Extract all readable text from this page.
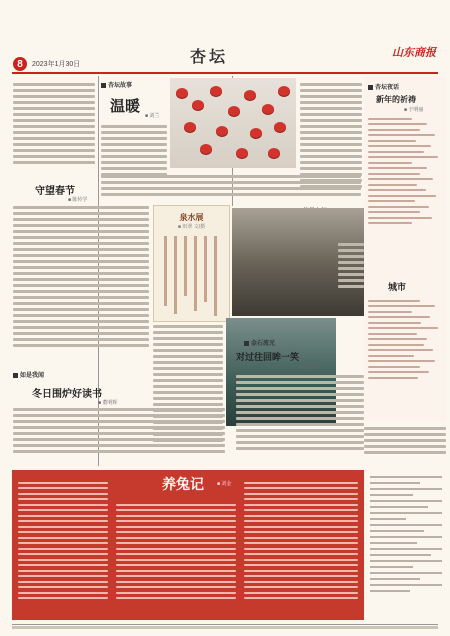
8	2023年1月30日	杏坛	山东商报
杏坛故事
温暖
■ 刘兰
守望春节
■ 陈传学
泉水展
■ 田翠 文/摄
如是我闻
冬日围炉好读书
■ 董明辉
金石流光
对过往回眸一笑
■ 魏金春
杏坛夜话
新年的祈祷
■ 于明丽
城市
养兔记	■ 刘金
